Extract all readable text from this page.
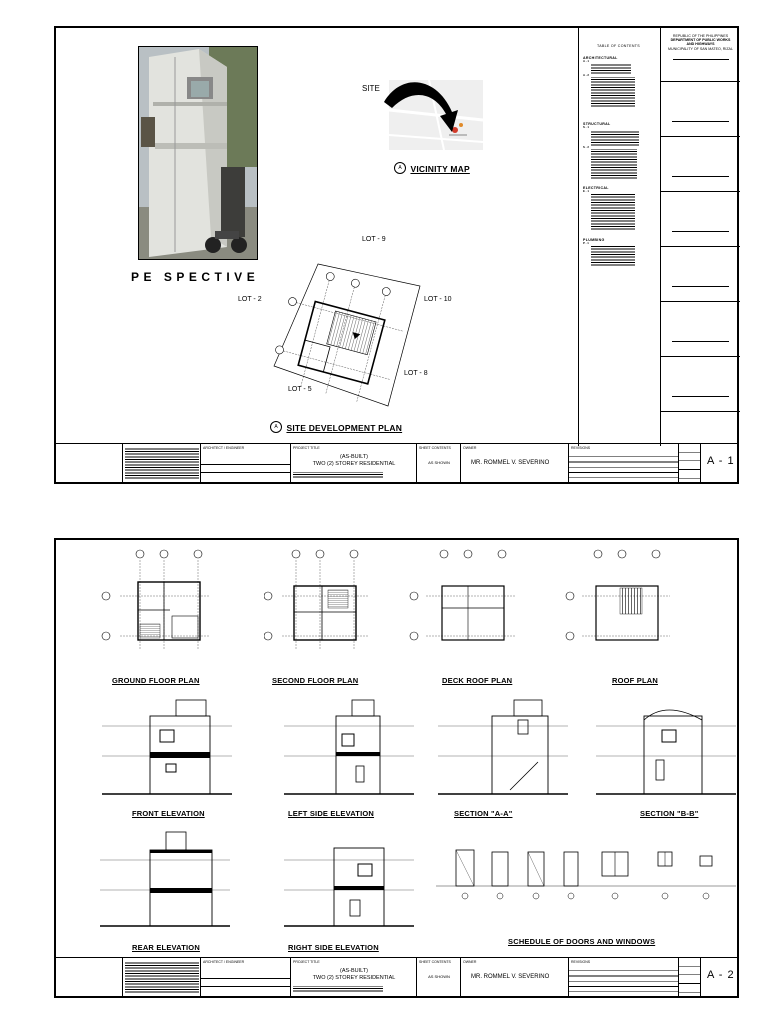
PE SPECTIVE
SITE
A VICINITY MAP
LOT - 9
LOT - 2	LOT - 10
LOT - 8
LOT - 5
A SITE DEVELOPMENT PLAN
TABLE OF CONTENTS
ARCHITECTURAL
A - 1
A - 2
STRUCTURAL
S - 1
S - 2
ELECTRICAL
E - 1
PLUMBING
P - 1
REPUBLIC OF THE PHILIPPINES
DEPARTMENT OF PUBLIC WORKS
AND HIGHWAYS
MUNICIPALITY OF SAN MATEO, RIZAL
ARCHITECT / ENGINEER	PROJECT TITLE
(AS-BUILT)
TWO (2) STOREY RESIDENTIAL
SHEET CONTENTS
AS SHOWN
OWNER
MR. ROMMEL V. SEVERINO
REVISIONS
A - 1
GROUND FLOOR PLAN	SECOND FLOOR PLAN	DECK ROOF PLAN	ROOF PLAN
FRONT ELEVATION	LEFT SIDE ELEVATION	SECTION "A-A"	SECTION "B-B"
REAR ELEVATION	RIGHT SIDE ELEVATION
SCHEDULE OF DOORS AND WINDOWS
ARCHITECT / ENGINEER	PROJECT TITLE
(AS-BUILT)
TWO (2) STOREY RESIDENTIAL
SHEET CONTENTS
AS SHOWN
OWNER
MR. ROMMEL V. SEVERINO
REVISIONS
A - 2
